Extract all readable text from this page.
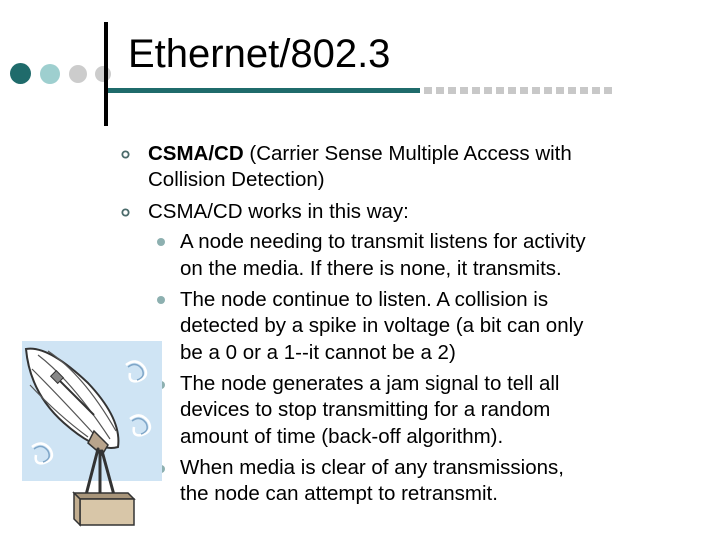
Ethernet/802.3
CSMA/CD (Carrier Sense Multiple Access with
Collision Detection)
CSMA/CD works in this way:
A node needing to transmit listens for activity
on the media. If there is none, it transmits.
The node continue to listen. A collision is
detected by a spike in voltage (a bit can only
be a 0 or a 1--it cannot be a 2)
The node generates a jam signal to tell all
devices to stop transmitting for a random
amount of time (back-off algorithm).
When media is clear of any transmissions,
the node can attempt to retransmit.
